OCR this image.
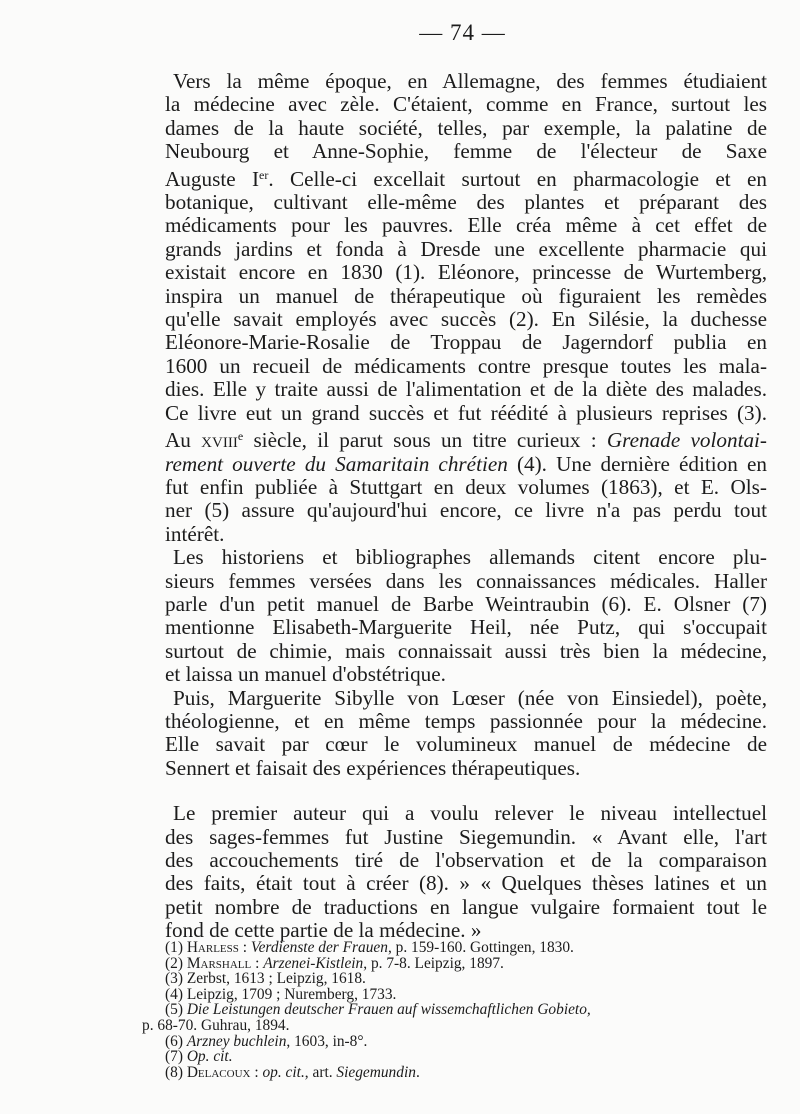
— 74 —
Vers la même époque, en Allemagne, des femmes étudiaient
la médecine avec zèle. C'étaient, comme en France, surtout les
dames de la haute société, telles, par exemple, la palatine de
Neubourg et Anne-Sophie, femme de l'électeur de Saxe
Auguste Ier. Celle-ci excellait surtout en pharmacologie et en
botanique, cultivant elle-même des plantes et préparant des
médicaments pour les pauvres. Elle créa même à cet effet de
grands jardins et fonda à Dresde une excellente pharmacie qui
existait encore en 1830 (1). Eléonore, princesse de Wurtemberg,
inspira un manuel de thérapeutique où figuraient les remèdes
qu'elle savait employés avec succès (2). En Silésie, la duchesse
Eléonore-Marie-Rosalie de Troppau de Jagerndorf publia en
1600 un recueil de médicaments contre presque toutes les mala-
dies. Elle y traite aussi de l'alimentation et de la diète des malades.
Ce livre eut un grand succès et fut réédité à plusieurs reprises (3).
Au xviii$^e$ siècle, il parut sous un titre curieux : Grenade volontai-
rement ouverte du Samaritain chrétien (4). Une dernière édition en
fut enfin publiée à Stuttgart en deux volumes (1863), et E. Ols-
ner (5) assure qu'aujourd'hui encore, ce livre n'a pas perdu tout
intérêt.
Les historiens et bibliographes allemands citent encore plu-
sieurs femmes versées dans les connaissances médicales. Haller
parle d'un petit manuel de Barbe Weintraubin (6). E. Olsner (7)
mentionne Elisabeth-Marguerite Heil, née Putz, qui s'occupait
surtout de chimie, mais connaissait aussi très bien la médecine,
et laissa un manuel d'obstétrique.
Puis, Marguerite Sibylle von Lœser (née von Einsiedel), poète,
théologienne, et en même temps passionnée pour la médecine.
Elle savait par cœur le volumineux manuel de médecine de
Sennert et faisait des expériences thérapeutiques.
Le premier auteur qui a voulu relever le niveau intellectuel
des sages-femmes fut Justine Siegemundin. « Avant elle, l'art
des accouchements tiré de l'observation et de la comparaison
des faits, était tout à créer (8). » « Quelques thèses latines et un
petit nombre de traductions en langue vulgaire formaient tout le
fond de cette partie de la médecine. »
(1) Harless : Verdienste der Frauen, p. 159-160. Gottingen, 1830.
(2) Marshall : Arzenei-Kistlein, p. 7-8. Leipzig, 1897.
(3) Zerbst, 1613 ; Leipzig, 1618.
(4) Leipzig, 1709 ; Nuremberg, 1733.
(5) Die Leistungen deutscher Frauen auf wissemchaftlichen Gobieto,
p. 68-70. Guhrau, 1894.
(6) Arzney buchlein, 1603, in-8°.
(7) Op. cit.
(8) Delacoux : op. cit., art. Siegemundin.
